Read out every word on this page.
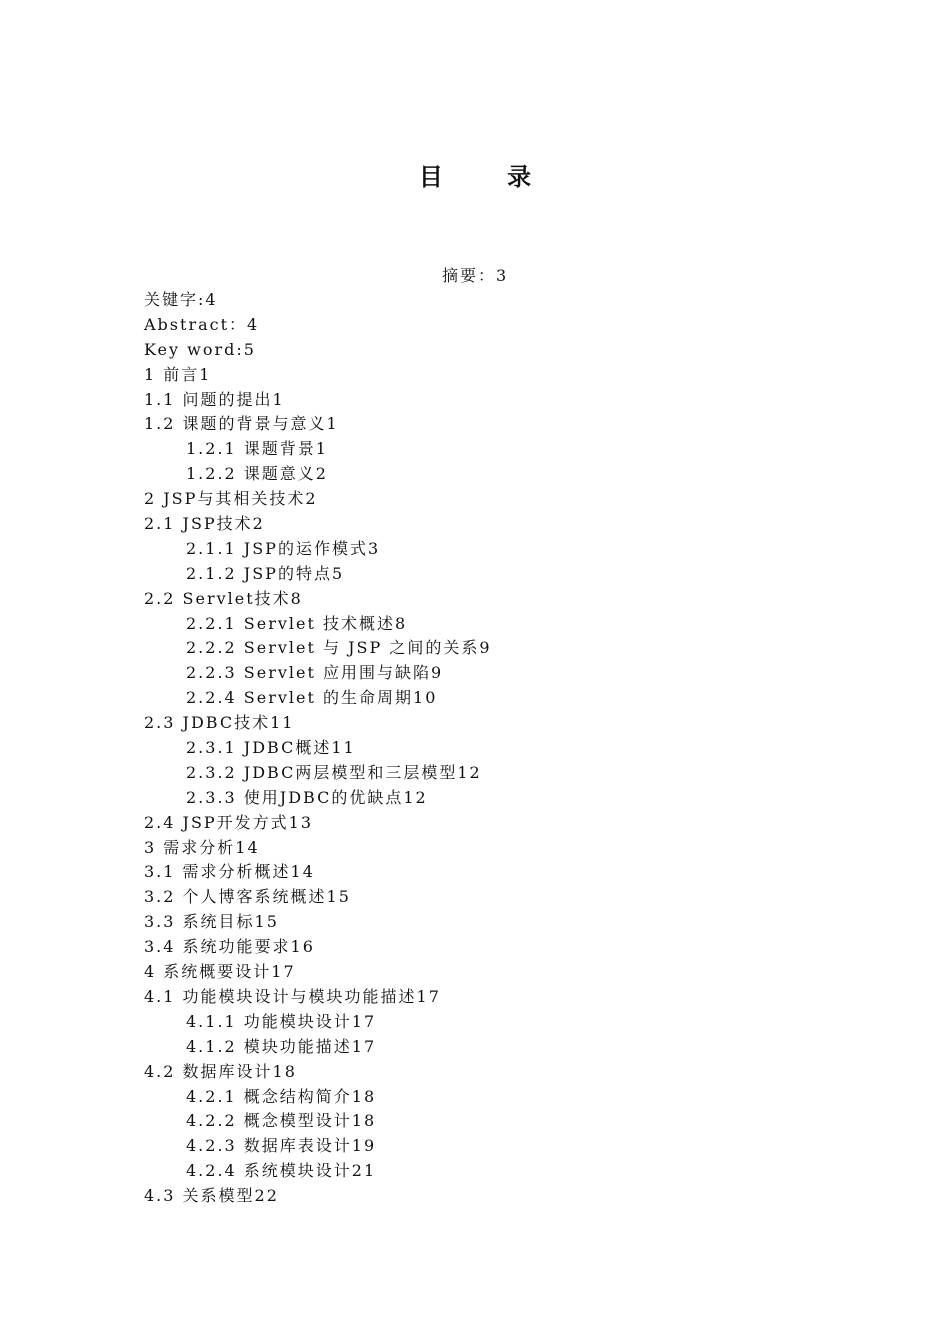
目 录
摘要：3
关键字:4
Abstract：4
Key word:5
1 前言1
1.1 问题的提出1
1.2 课题的背景与意义1
1.2.1 课题背景1
1.2.2 课题意义2
2 JSP与其相关技术2
2.1 JSP技术2
2.1.1 JSP的运作模式3
2.1.2 JSP的特点5
2.2 Servlet技术8
2.2.1 Servlet 技术概述8
2.2.2 Servlet 与 JSP 之间的关系9
2.2.3 Servlet 应用围与缺陷9
2.2.4 Servlet 的生命周期10
2.3 JDBC技术11
2.3.1 JDBC概述11
2.3.2 JDBC两层模型和三层模型12
2.3.3 使用JDBC的优缺点12
2.4 JSP开发方式13
3 需求分析14
3.1 需求分析概述14
3.2 个人博客系统概述15
3.3 系统目标15
3.4 系统功能要求16
4 系统概要设计17
4.1 功能模块设计与模块功能描述17
4.1.1 功能模块设计17
4.1.2 模块功能描述17
4.2 数据库设计18
4.2.1 概念结构简介18
4.2.2 概念模型设计18
4.2.3 数据库表设计19
4.2.4 系统模块设计21
4.3 关系模型22
